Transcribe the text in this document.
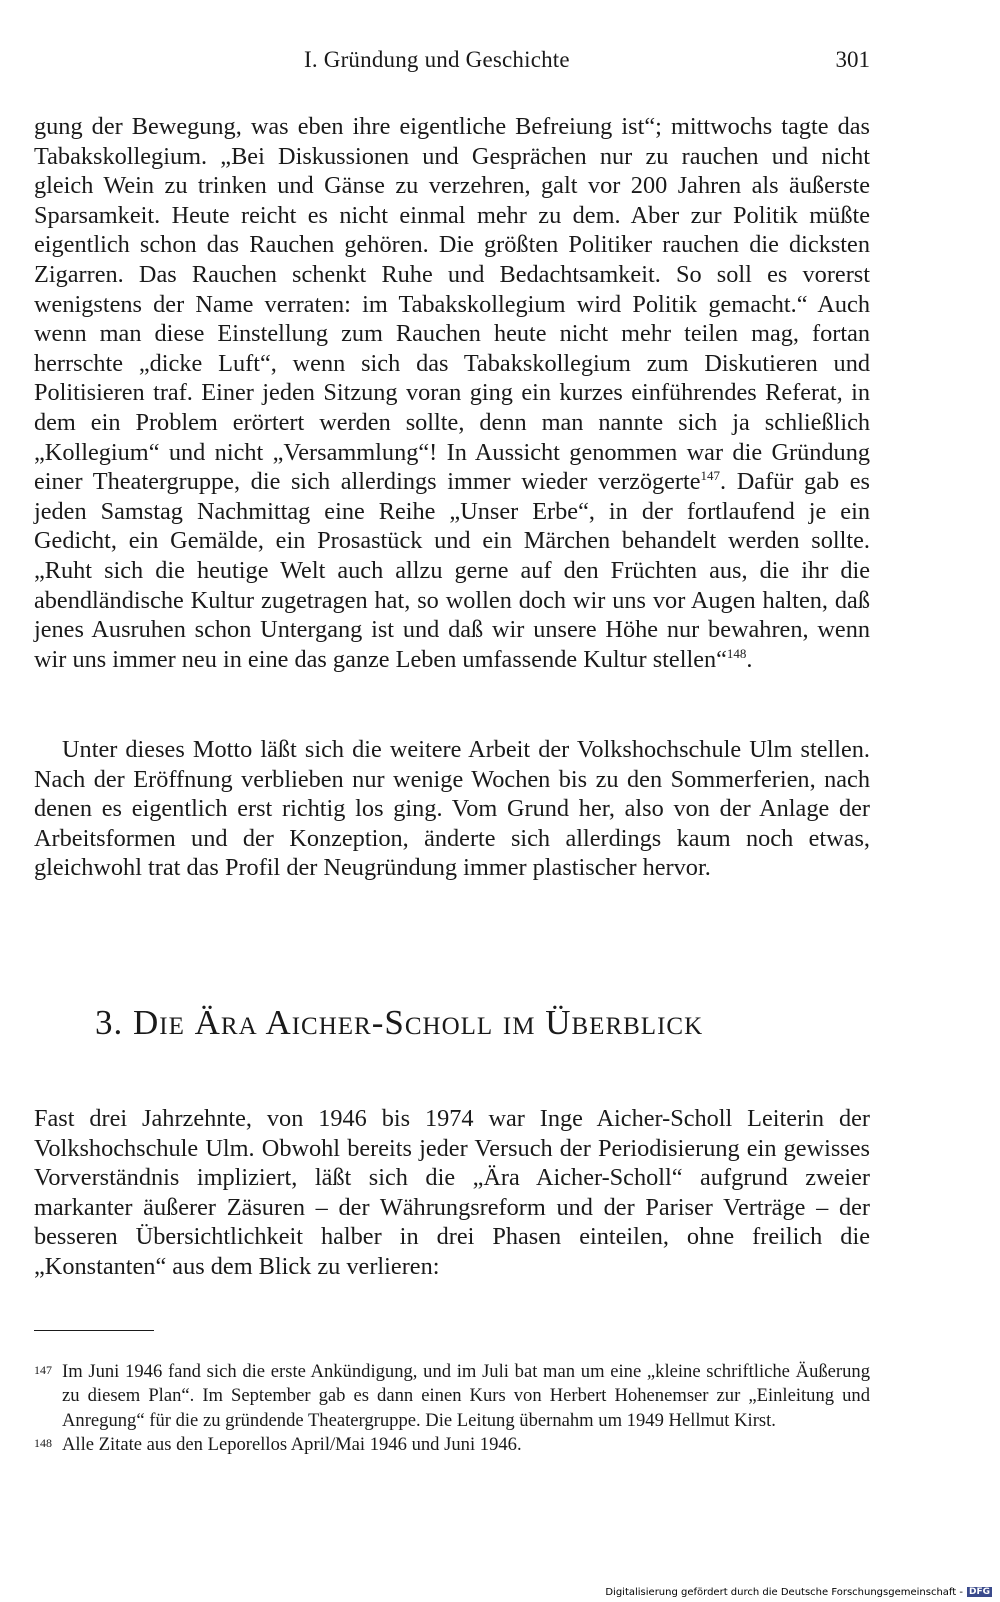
I. Gründung und Geschichte	301

gung der Bewegung, was eben ihre eigentliche Befreiung ist“; mittwochs tagte das Tabakskollegium. „Bei Diskussionen und Gesprächen nur zu rauchen und nicht gleich Wein zu trinken und Gänse zu verzehren, galt vor 200 Jahren als äußerste Sparsamkeit. Heute reicht es nicht einmal mehr zu dem. Aber zur Politik müßte eigentlich schon das Rauchen gehören. Die größten Politiker rauchen die dicksten Zigarren. Das Rauchen schenkt Ruhe und Bedachtsamkeit. So soll es vorerst wenigstens der Name verraten: im Tabakskollegium wird Politik gemacht.“ Auch wenn man diese Einstellung zum Rauchen heute nicht mehr teilen mag, fortan herrschte „dicke Luft“, wenn sich das Tabakskollegium zum Diskutieren und Politisieren traf. Einer jeden Sitzung voran ging ein kurzes einführendes Referat, in dem ein Problem erörtert werden sollte, denn man nannte sich ja schließlich „Kollegium“ und nicht „Versammlung“! In Aussicht genommen war die Gründung einer Theatergruppe, die sich allerdings immer wieder verzögerte$^{147}$. Dafür gab es jeden Samstag Nachmittag eine Reihe „Unser Erbe“, in der fortlaufend je ein Gedicht, ein Gemälde, ein Prosastück und ein Märchen behandelt werden sollte. „Ruht sich die heutige Welt auch allzu gerne auf den Früchten aus, die ihr die abendländische Kultur zugetragen hat, so wollen doch wir uns vor Augen halten, daß jenes Ausruhen schon Untergang ist und daß wir unsere Höhe nur bewahren, wenn wir uns immer neu in eine das ganze Leben umfassende Kultur stellen“$^{148}$.

Unter dieses Motto läßt sich die weitere Arbeit der Volkshochschule Ulm stellen. Nach der Eröffnung verblieben nur wenige Wochen bis zu den Sommerferien, nach denen es eigentlich erst richtig los ging. Vom Grund her, also von der Anlage der Arbeitsformen und der Konzeption, änderte sich allerdings kaum noch etwas, gleichwohl trat das Profil der Neugründung immer plastischer hervor.

3. Die Ära Aicher-Scholl im Überblick

Fast drei Jahrzehnte, von 1946 bis 1974 war Inge Aicher-Scholl Leiterin der Volkshochschule Ulm. Obwohl bereits jeder Versuch der Periodisierung ein gewisses Vorverständnis impliziert, läßt sich die „Ära Aicher-Scholl“ aufgrund zweier markanter äußerer Zäsuren – der Währungsreform und der Pariser Verträge – der besseren Übersichtlichkeit halber in drei Phasen einteilen, ohne freilich die „Konstanten“ aus dem Blick zu verlieren:

147 Im Juni 1946 fand sich die erste Ankündigung, und im Juli bat man um eine „kleine schriftliche Äußerung zu diesem Plan“. Im September gab es dann einen Kurs von Herbert Hohenemser zur „Einleitung und Anregung“ für die zu gründende Theatergruppe. Die Leitung übernahm um 1949 Hellmut Kirst.
148 Alle Zitate aus den Leporellos April/Mai 1946 und Juni 1946.
Digitalisierung gefördert durch die Deutsche Forschungsgemeinschaft - DFG
